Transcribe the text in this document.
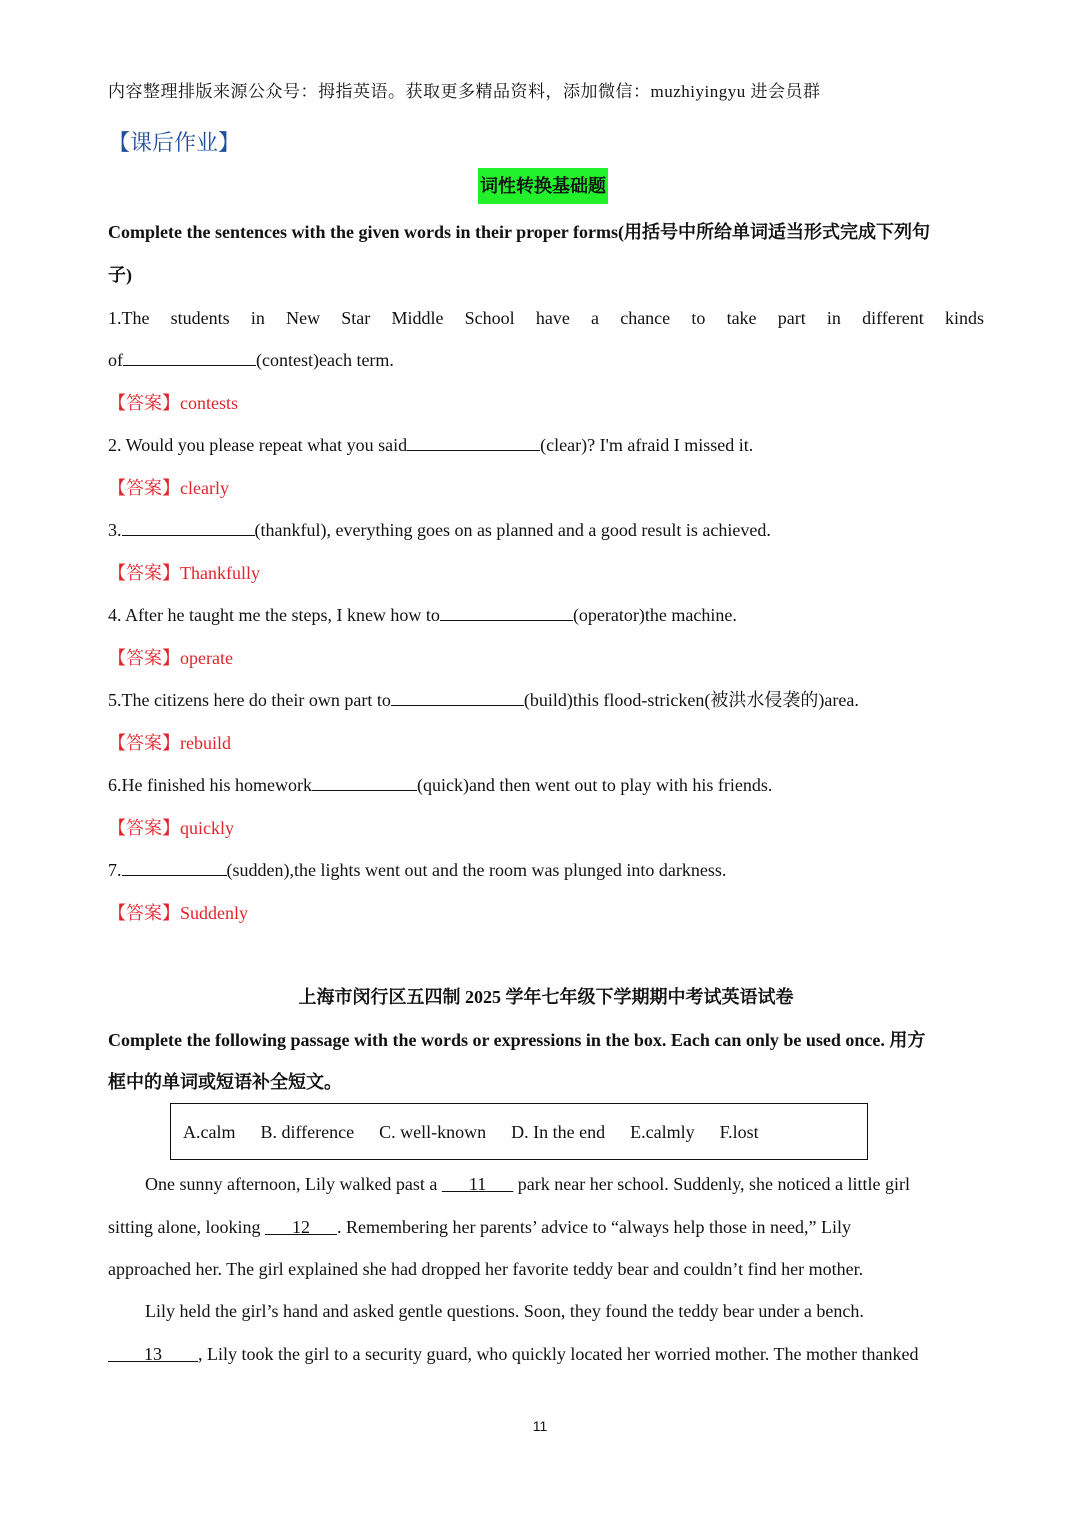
内容整理排版来源公众号：拇指英语。获取更多精品资料，添加微信：muzhiyingyu 进会员群
【课后作业】
词性转换基础题
Complete the sentences with the given words in their proper forms(用括号中所给单词适当形式完成下列句
子)
1.The students in New Star Middle School have a chance to take part in different kinds
of	(contest)each term.
【答案】contests
2. Would you please repeat what you said	(clear)? I'm afraid I missed it.
【答案】clearly
3.	(thankful), everything goes on as planned and a good result is achieved.
【答案】Thankfully
4. After he taught me the steps, I knew how to	(operator)the machine.
【答案】operate
5.The citizens here do their own part to	(build)this flood-stricken(被洪水侵袭的)area.
【答案】rebuild
6.He finished his homework	(quick)and then went out to play with his friends.
【答案】quickly
7.	(sudden),the lights went out and the room was plunged into darkness.
【答案】Suddenly
上海市闵行区五四制 2025 学年七年级下学期期中考试英语试卷
Complete the following passage with the words or expressions in the box. Each can only be used once. 用方
框中的单词或短语补全短文。
A.calm B. difference C. well-known D. In the end E.calmly F.lost
One sunny afternoon, Lily walked past a 11 park near her school. Suddenly, she noticed a little girl
sitting alone, looking 12 . Remembering her parents’ advice to “always help those in need,” Lily
approached her. The girl explained she had dropped her favorite teddy bear and couldn’t find her mother.
Lily held the girl’s hand and asked gentle questions. Soon, they found the teddy bear under a bench.
13 , Lily took the girl to a security guard, who quickly located her worried mother. The mother thanked
11
